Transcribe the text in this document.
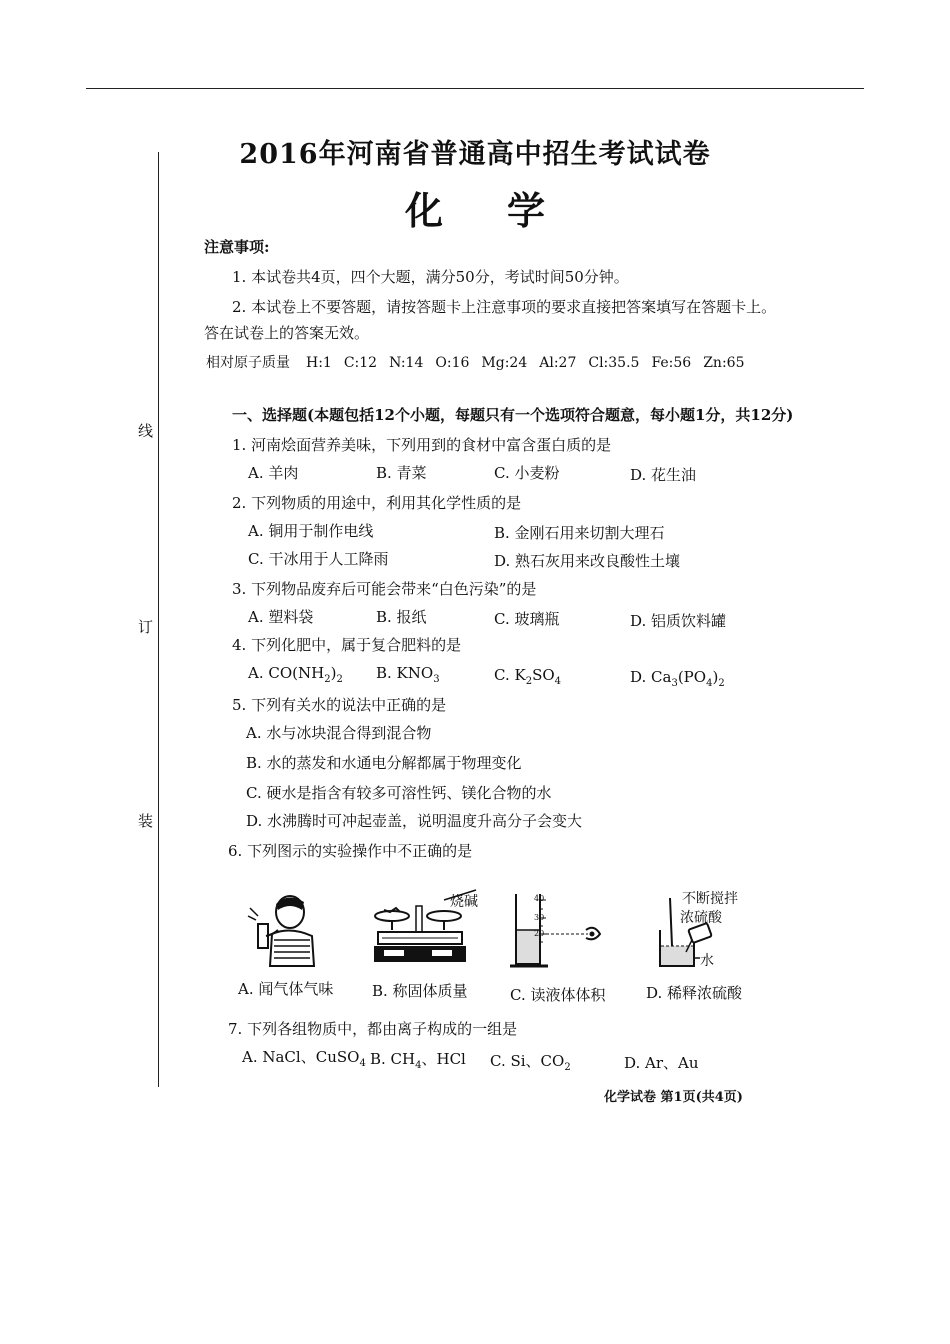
线
订
装
2016年河南省普通高中招生考试试卷
化学
注意事项:
1. 本试卷共4页，四个大题，满分50分，考试时间50分钟。
2. 本试卷上不要答题，请按答题卡上注意事项的要求直接把答案填写在答题卡上。
答在试卷上的答案无效。
相对原子质量 H:1 C:12 N:14 O:16 Mg:24 Al:27 Cl:35.5 Fe:56 Zn:65
一、选择题(本题包括12个小题，每题只有一个选项符合题意，每小题1分，共12分)
1. 河南烩面营养美味，下列用到的食材中富含蛋白质的是
A. 羊肉	B. 青菜	C. 小麦粉	D. 花生油
2. 下列物质的用途中，利用其化学性质的是
A. 铜用于制作电线	B. 金刚石用来切割大理石
C. 干冰用于人工降雨	D. 熟石灰用来改良酸性土壤
3. 下列物品废弃后可能会带来“白色污染”的是
A. 塑料袋	B. 报纸	C. 玻璃瓶	D. 铝质饮料罐
4. 下列化肥中，属于复合肥料的是
A. $CO(NH_2)_2$ B. $KNO_3$	C. $K_2SO_4$	D. $Ca_3(PO_4)_2$
5. 下列有关水的说法中正确的是
A. 水与冰块混合得到混合物
B. 水的蒸发和水通电分解都属于物理变化
C. 硬水是指含有较多可溶性钙、镁化合物的水
D. 水沸腾时可冲起壶盖，说明温度升高分子会变大
6. 下列图示的实验操作中不正确的是
烧碱	40
30
20
不断搅拌
浓硫酸
水
A. 闻气体气味	B. 称固体质量	C. 读液体体积	D. 稀释浓硫酸
7. 下列各组物质中，都由离子构成的一组是
A. NaCl、CuSO$_4$ B. $CH_4$、HCl C. Si、$CO_2$	D. Ar、Au
化学试卷 第1页(共4页)
